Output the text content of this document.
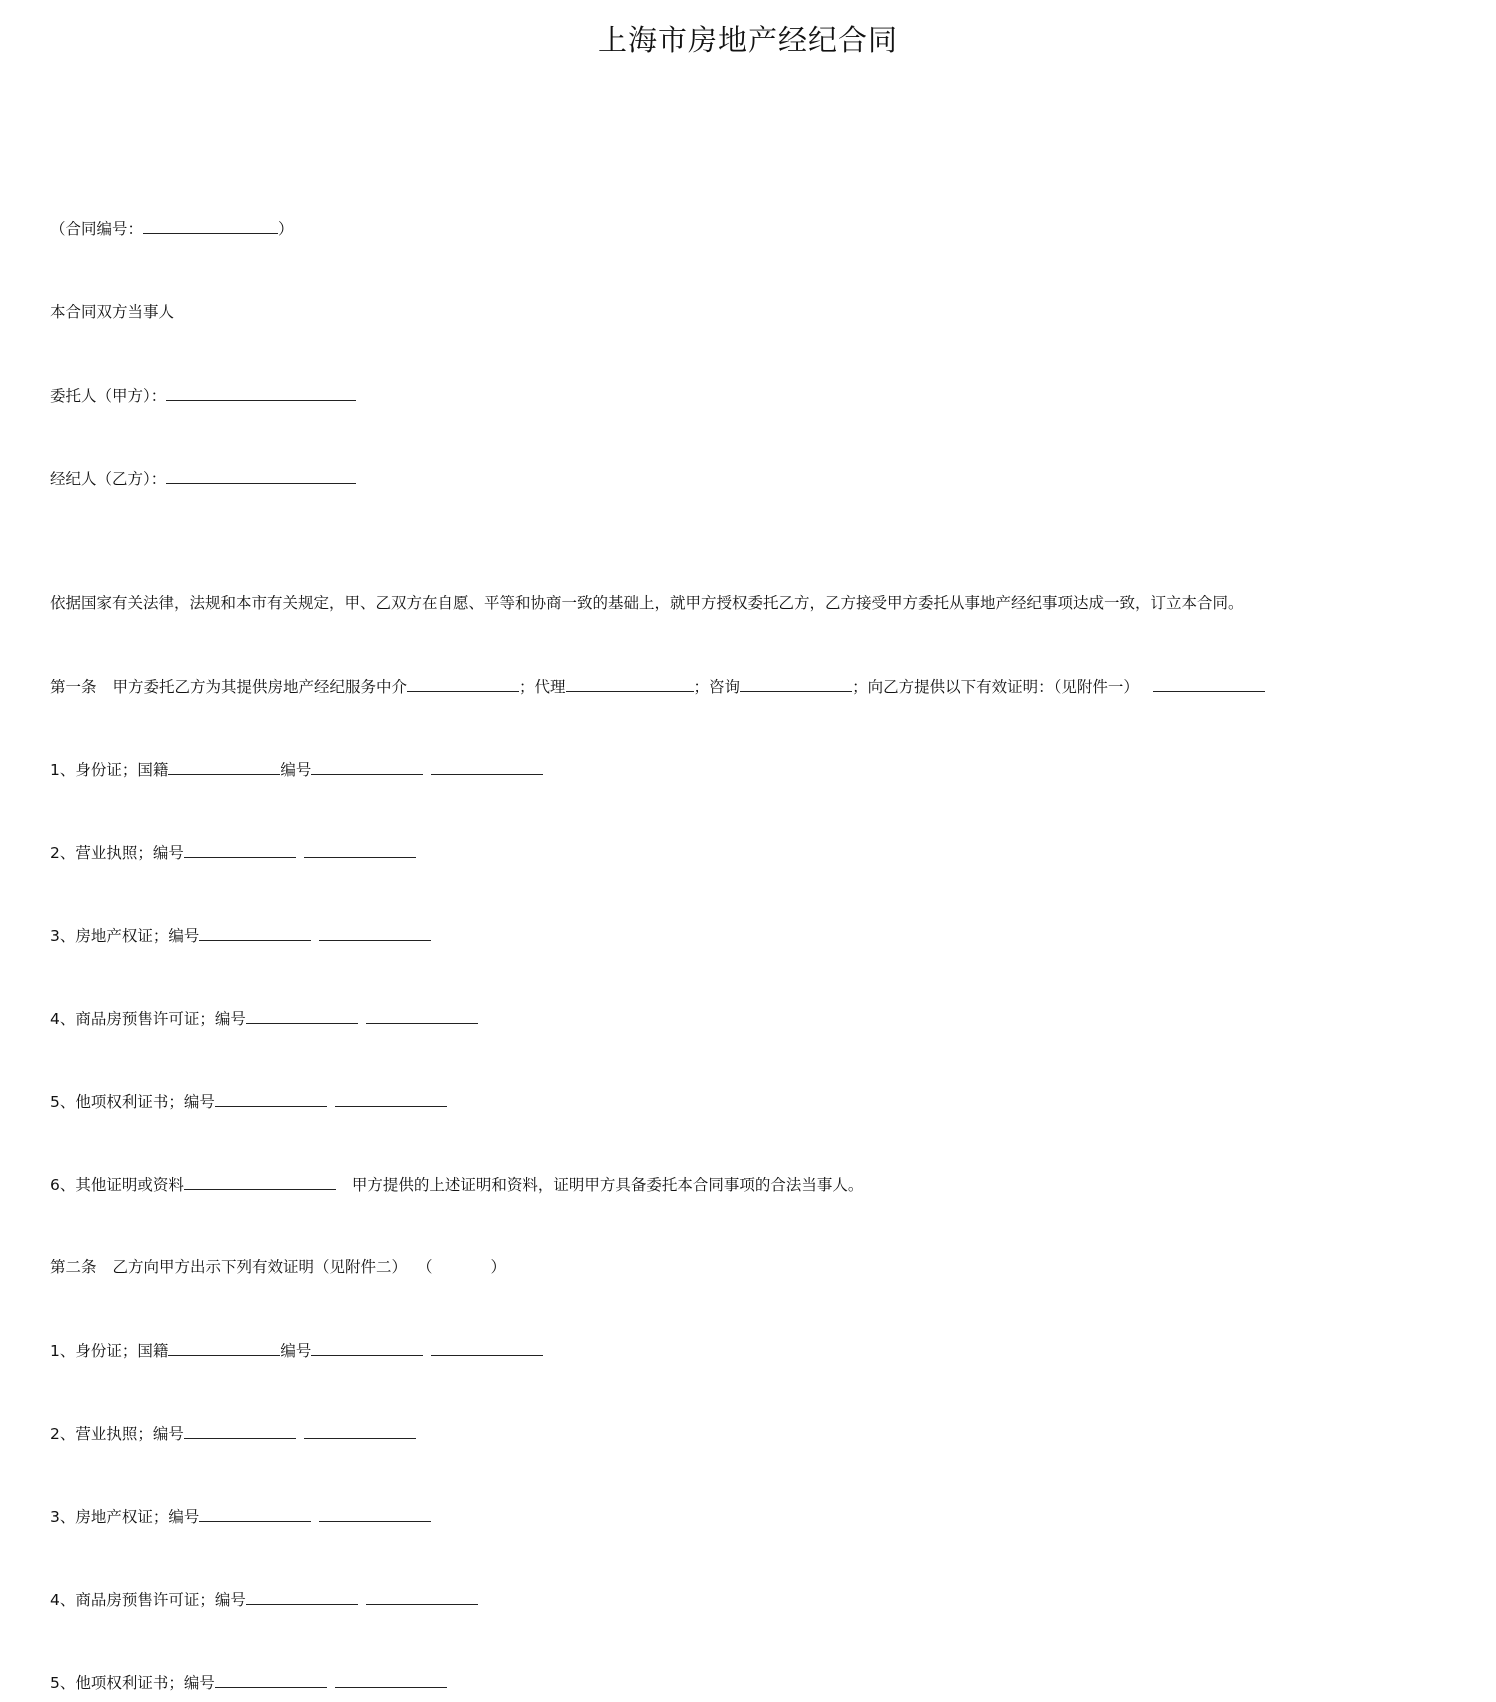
上海市房地产经纪合同
（合同编号：	）
本合同双方当事人
委托人（甲方）：
经纪人（乙方）：
依据国家有关法律，法规和本市有关规定，甲、乙双方在自愿、平等和协商一致的基础上，就甲方授权委托乙方，乙方接受甲方委托从事地产经纪事项达成一致，订立本合同。
第一条 甲方委托乙方为其提供房地产经纪服务中介	；代理	；咨询	；向乙方提供以下有效证明：（见附件一）
1、身份证；国籍	编号
2、营业执照；编号
3、房地产权证；编号
4、商品房预售许可证；编号
5、他项权利证书；编号
6、其他证明或资料	甲方提供的上述证明和资料，证明甲方具备委托本合同事项的合法当事人。
第二条 乙方向甲方出示下列有效证明（见附件二） （	）
1、身份证；国籍	编号
2、营业执照；编号
3、房地产权证；编号
4、商品房预售许可证；编号
5、他项权利证书；编号
